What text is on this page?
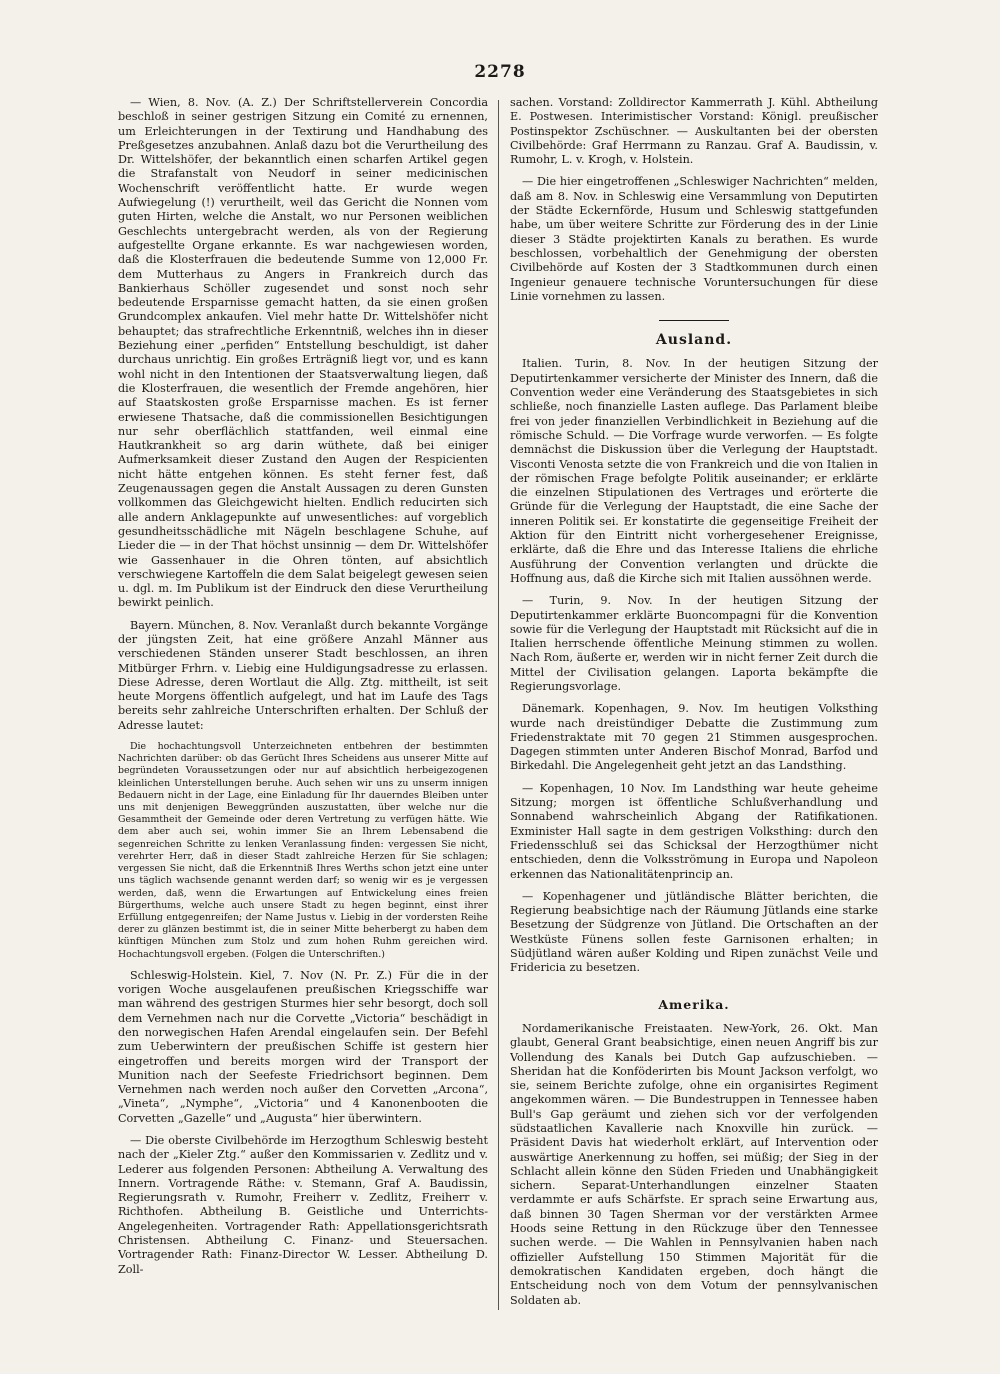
2278

— Wien, 8. Nov. (A. Z.) Der Schriftstellerverein Concordia beschloß in seiner gestrigen Sitzung ein Comité zu ernennen, um Erleichterungen in der Textirung und Handhabung des Preßgesetzes anzubahnen. Anlaß dazu bot die Verurtheilung des Dr. Wittelshöfer, der bekanntlich einen scharfen Artikel gegen die Strafanstalt von Neudorf in seiner medicinischen Wochenschrift veröffentlicht hatte. Er wurde wegen Aufwiegelung (!) verurtheilt, weil das Gericht die Nonnen vom guten Hirten, welche die Anstalt, wo nur Personen weiblichen Geschlechts untergebracht werden, als von der Regierung aufgestellte Organe erkannte. Es war nachgewiesen worden, daß die Klosterfrauen die bedeutende Summe von 12,000 Fr. dem Mutterhaus zu Angers in Frankreich durch das Bankierhaus Schöller zugesendet und sonst noch sehr bedeutende Ersparnisse gemacht hatten, da sie einen großen Grundcomplex ankaufen. Viel mehr hatte Dr. Wittelshöfer nicht behauptet; das strafrechtliche Erkenntniß, welches ihn in dieser Beziehung einer „perfiden“ Entstellung beschuldigt, ist daher durchaus unrichtig. Ein großes Erträgniß liegt vor, und es kann wohl nicht in den Intentionen der Staatsverwaltung liegen, daß die Klosterfrauen, die wesentlich der Fremde angehören, hier auf Staatskosten große Ersparnisse machen. Es ist ferner erwiesene Thatsache, daß die commissionellen Besichtigungen nur sehr oberflächlich stattfanden, weil einmal eine Hautkrankheit so arg darin wüthete, daß bei einiger Aufmerksamkeit dieser Zustand den Augen der Respicienten nicht hätte entgehen können. Es steht ferner fest, daß Zeugenaussagen gegen die Anstalt Aussagen zu deren Gunsten vollkommen das Gleichgewicht hielten. Endlich reducirten sich alle andern Anklagepunkte auf unwesentliches: auf vorgeblich gesundheitsschädliche mit Nägeln beschlagene Schuhe, auf Lieder die — in der That höchst unsinnig — dem Dr. Wittelshöfer wie Gassenhauer in die Ohren tönten, auf absichtlich verschwiegene Kartoffeln die dem Salat beigelegt gewesen seien u. dgl. m. Im Publikum ist der Eindruck den diese Verurtheilung bewirkt peinlich.

Bayern. München, 8. Nov. Veranlaßt durch bekannte Vorgänge der jüngsten Zeit, hat eine größere Anzahl Männer aus verschiedenen Ständen unserer Stadt beschlossen, an ihren Mitbürger Frhrn. v. Liebig eine Huldigungsadresse zu erlassen. Diese Adresse, deren Wortlaut die Allg. Ztg. mittheilt, ist seit heute Morgens öffentlich aufgelegt, und hat im Laufe des Tags bereits sehr zahlreiche Unterschriften erhalten. Der Schluß der Adresse lautet:

Die hochachtungsvoll Unterzeichneten entbehren der bestimmten Nachrichten darüber: ob das Gerücht Ihres Scheidens aus unserer Mitte auf begründeten Voraussetzungen oder nur auf absichtlich herbeigezogenen kleinlichen Unterstellungen beruhe. Auch sehen wir uns zu unserm innigen Bedauern nicht in der Lage, eine Einladung für Ihr dauerndes Bleiben unter uns mit denjenigen Beweggründen auszustatten, über welche nur die Gesammtheit der Gemeinde oder deren Vertretung zu verfügen hätte. Wie dem aber auch sei, wohin immer Sie an Ihrem Lebensabend die segenreichen Schritte zu lenken Veranlassung finden: vergessen Sie nicht, verehrter Herr, daß in dieser Stadt zahlreiche Herzen für Sie schlagen; vergessen Sie nicht, daß die Erkenntniß Ihres Werths schon jetzt eine unter uns täglich wachsende genannt werden darf; so wenig wir es je vergessen werden, daß, wenn die Erwartungen auf Entwickelung eines freien Bürgerthums, welche auch unsere Stadt zu hegen beginnt, einst ihrer Erfüllung entgegenreifen; der Name Justus v. Liebig in der vordersten Reihe derer zu glänzen bestimmt ist, die in seiner Mitte beherbergt zu haben dem künftigen München zum Stolz und zum hohen Ruhm gereichen wird. Hochachtungsvoll ergeben. (Folgen die Unterschriften.)

Schleswig-Holstein. Kiel, 7. Nov (N. Pr. Z.) Für die in der vorigen Woche ausgelaufenen preußischen Kriegsschiffe war man während des gestrigen Sturmes hier sehr besorgt, doch soll dem Vernehmen nach nur die Corvette „Victoria“ beschädigt in den norwegischen Hafen Arendal eingelaufen sein. Der Befehl zum Ueberwintern der preußischen Schiffe ist gestern hier eingetroffen und bereits morgen wird der Transport der Munition nach der Seefeste Friedrichsort beginnen. Dem Vernehmen nach werden noch außer den Corvetten „Arcona“, „Vineta“, „Nymphe“, „Victoria“ und 4 Kanonenbooten die Corvetten „Gazelle“ und „Augusta“ hier überwintern.

— Die oberste Civilbehörde im Herzogthum Schleswig besteht nach der „Kieler Ztg.“ außer den Kommissarien v. Zedlitz und v. Lederer aus folgenden Personen: Abtheilung A. Verwaltung des Innern. Vortragende Räthe: v. Stemann, Graf A. Baudissin, Regierungsrath v. Rumohr, Freiherr v. Zedlitz, Freiherr v. Richthofen. Abtheilung B. Geistliche und Unterrichts-Angelegenheiten. Vortragender Rath: Appellationsgerichtsrath Christensen. Abtheilung C. Finanz- und Steuersachen. Vortragender Rath: Finanz-Director W. Lesser. Abtheilung D. Zoll-

sachen. Vorstand: Zolldirector Kammerrath J. Kühl. Abtheilung E. Postwesen. Interimistischer Vorstand: Königl. preußischer Postinspektor Zschüschner. — Auskultanten bei der obersten Civilbehörde: Graf Herrmann zu Ranzau. Graf A. Baudissin, v. Rumohr, L. v. Krogh, v. Holstein.

— Die hier eingetroffenen „Schleswiger Nachrichten“ melden, daß am 8. Nov. in Schleswig eine Versammlung von Deputirten der Städte Eckernförde, Husum und Schleswig stattgefunden habe, um über weitere Schritte zur Förderung des in der Linie dieser 3 Städte projektirten Kanals zu berathen. Es wurde beschlossen, vorbehaltlich der Genehmigung der obersten Civilbehörde auf Kosten der 3 Stadtkommunen durch einen Ingenieur genauere technische Voruntersuchungen für diese Linie vornehmen zu lassen.

Ausland.

Italien. Turin, 8. Nov. In der heutigen Sitzung der Deputirtenkammer versicherte der Minister des Innern, daß die Convention weder eine Veränderung des Staatsgebietes in sich schließe, noch finanzielle Lasten auflege. Das Parlament bleibe frei von jeder finanziellen Verbindlichkeit in Beziehung auf die römische Schuld. — Die Vorfrage wurde verworfen. — Es folgte demnächst die Diskussion über die Verlegung der Hauptstadt. Visconti Venosta setzte die von Frankreich und die von Italien in der römischen Frage befolgte Politik auseinander; er erklärte die einzelnen Stipulationen des Vertrages und erörterte die Gründe für die Verlegung der Hauptstadt, die eine Sache der inneren Politik sei. Er konstatirte die gegenseitige Freiheit der Aktion für den Eintritt nicht vorhergesehener Ereignisse, erklärte, daß die Ehre und das Interesse Italiens die ehrliche Ausführung der Convention verlangten und drückte die Hoffnung aus, daß die Kirche sich mit Italien aussöhnen werde.

— Turin, 9. Nov. In der heutigen Sitzung der Deputirtenkammer erklärte Buoncompagni für die Konvention sowie für die Verlegung der Hauptstadt mit Rücksicht auf die in Italien herrschende öffentliche Meinung stimmen zu wollen. Nach Rom, äußerte er, werden wir in nicht ferner Zeit durch die Mittel der Civilisation gelangen. Laporta bekämpfte die Regierungsvorlage.

Dänemark. Kopenhagen, 9. Nov. Im heutigen Volksthing wurde nach dreistündiger Debatte die Zustimmung zum Friedenstraktate mit 70 gegen 21 Stimmen ausgesprochen. Dagegen stimmten unter Anderen Bischof Monrad, Barfod und Birkedahl. Die Angelegenheit geht jetzt an das Landsthing.

— Kopenhagen, 10 Nov. Im Landsthing war heute geheime Sitzung; morgen ist öffentliche Schlußverhandlung und Sonnabend wahrscheinlich Abgang der Ratifikationen. Exminister Hall sagte in dem gestrigen Volksthing: durch den Friedensschluß sei das Schicksal der Herzogthümer nicht entschieden, denn die Volksströmung in Europa und Napoleon erkennen das Nationalitätenprincip an.

— Kopenhagener und jütländische Blätter berichten, die Regierung beabsichtige nach der Räumung Jütlands eine starke Besetzung der Südgrenze von Jütland. Die Ortschaften an der Westküste Fünens sollen feste Garnisonen erhalten; in Südjütland wären außer Kolding und Ripen zunächst Veile und Fridericia zu besetzen.

Amerika.

Nordamerikanische Freistaaten. New-York, 26. Okt. Man glaubt, General Grant beabsichtige, einen neuen Angriff bis zur Vollendung des Kanals bei Dutch Gap aufzuschieben. — Sheridan hat die Konföderirten bis Mount Jackson verfolgt, wo sie, seinem Berichte zufolge, ohne ein organisirtes Regiment angekommen wären. — Die Bundestruppen in Tennessee haben Bull's Gap geräumt und ziehen sich vor der verfolgenden südstaatlichen Kavallerie nach Knoxville hin zurück. — Präsident Davis hat wiederholt erklärt, auf Intervention oder auswärtige Anerkennung zu hoffen, sei müßig; der Sieg in der Schlacht allein könne den Süden Frieden und Unabhängigkeit sichern. Separat-Unterhandlungen einzelner Staaten verdammte er aufs Schärfste. Er sprach seine Erwartung aus, daß binnen 30 Tagen Sherman vor der verstärkten Armee Hoods seine Rettung in den Rückzuge über den Tennessee suchen werde. — Die Wahlen in Pennsylvanien haben nach offizieller Aufstellung 150 Stimmen Majorität für die demokratischen Kandidaten ergeben, doch hängt die Entscheidung noch von dem Votum der pennsylvanischen Soldaten ab.
